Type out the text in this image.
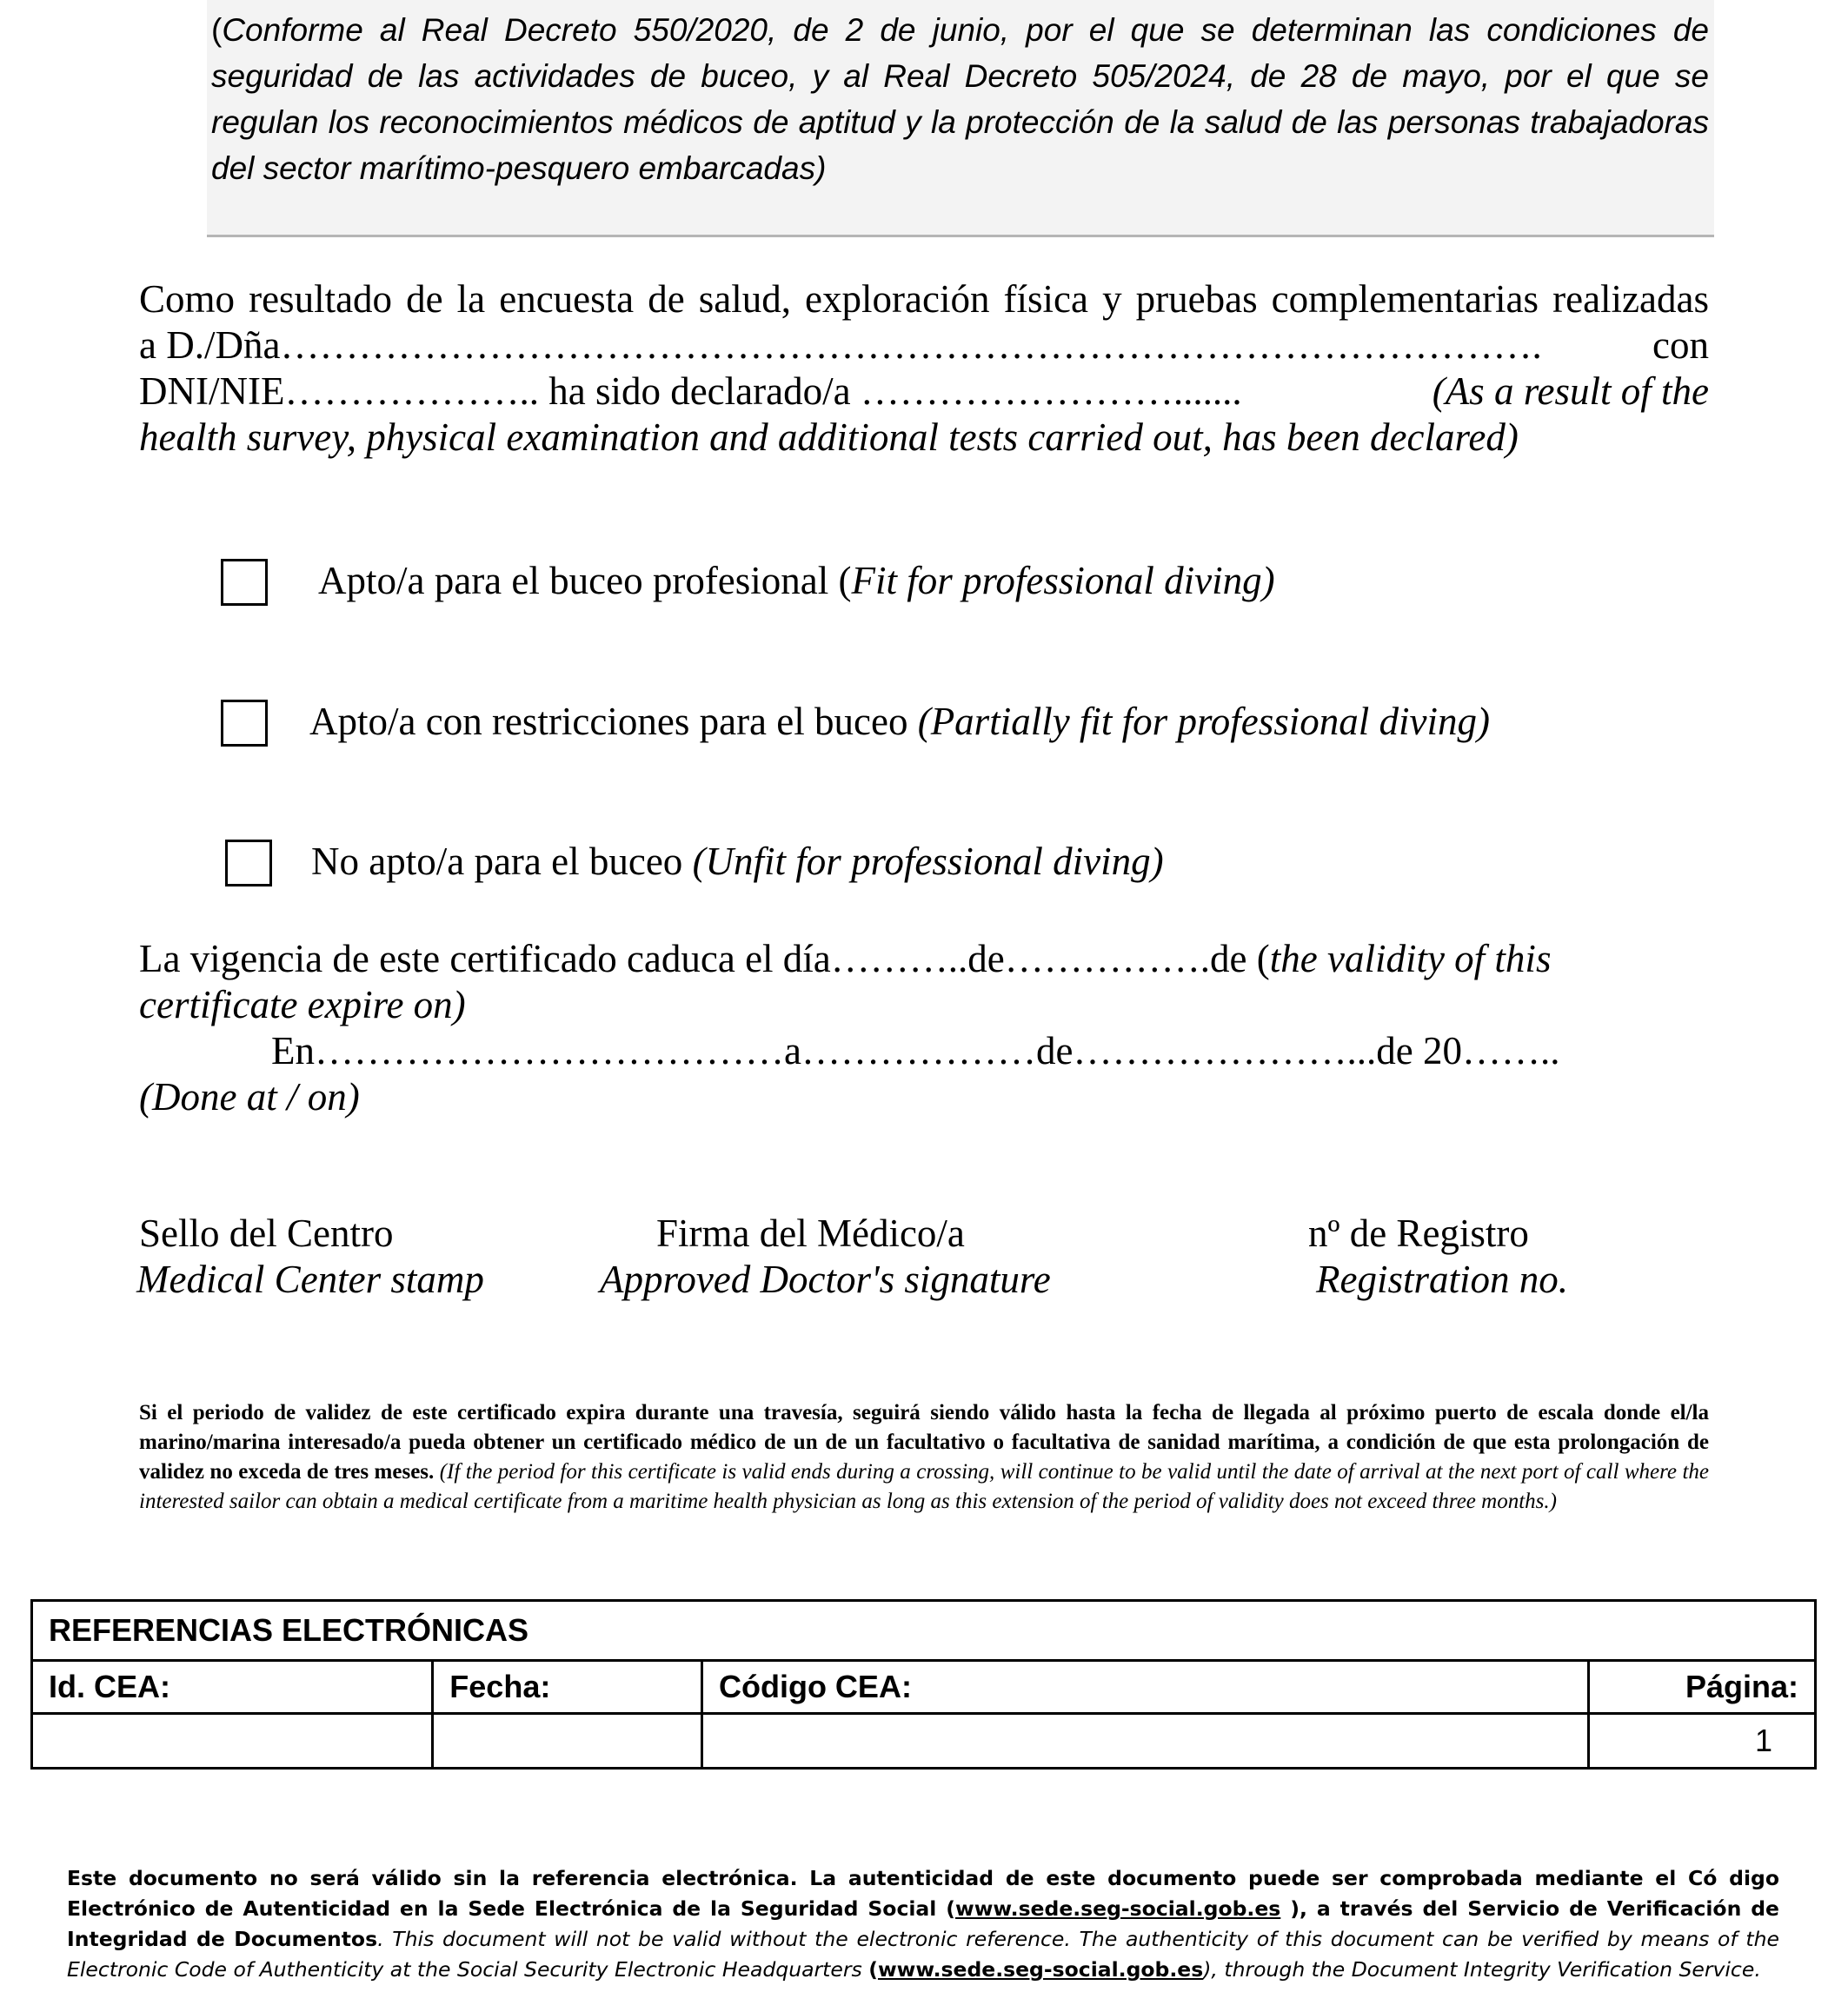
(Conforme al Real Decreto 550/2020, de 2 de junio, por el que se determinan las condiciones de seguridad de las actividades de buceo, y al Real Decreto 505/2024, de 28 de mayo, por el que se regulan los reconocimientos médicos de aptitud y la protección de la salud de las personas trabajadoras del sector marítimo-pesquero embarcadas)
Como resultado de la encuesta de salud, exploración física y pruebas complementarias realizadas
a D./Dña…………………………………………………………………………………….	con
DNI/NIE……………….. ha sido declarado/a …………………….......	(As a result of the
health survey, physical examination and additional tests carried out, has been declared)
Apto/a para el buceo profesional (Fit for professional diving)
Apto/a con restricciones para el buceo (Partially fit for professional diving)
No apto/a para el buceo (Unfit for professional diving)
La vigencia de este certificado caduca el día………..de…………….de (the validity of this
certificate expire on)
En………………………………a………………de…………………...de 20……..
(Done at / on)
Sello del Centro
Medical Center stamp
Firma del Médico/a
Approved Doctor's signature
nº de Registro
Registration no.
Si el periodo de validez de este certificado expira durante una travesía, seguirá siendo válido hasta la fecha de llegada al próximo puerto de escala donde el/la marino/marina interesado/a pueda obtener un certificado médico de un de un facultativo o facultativa de sanidad marítima, a condición de que esta prolongación de validez no exceda de tres meses. (If the period for this certificate is valid ends during a crossing, will continue to be valid until the date of arrival at the next port of call where the interested sailor can obtain a medical certificate from a maritime health physician as long as this extension of the period of validity does not exceed three months.)
REFERENCIAS ELECTRÓNICAS			
Id. CEA:	Fecha:	Código CEA:	Página:
			1
Este documento no será válido sin la referencia electrónica. La autenticidad de este documento puede ser comprobada mediante el Có digo Electrónico de Autenticidad en la Sede Electrónica de la Seguridad Social (www.sede.seg-social.gob.es ), a través del Servicio de Verificación de Integridad de Documentos. This document will not be valid without the electronic reference. The authenticity of this document can be verified by means of the Electronic Code of Authenticity at the Social Security Electronic Headquarters (www.sede.seg-social.gob.es), through the Document Integrity Verification Service.
